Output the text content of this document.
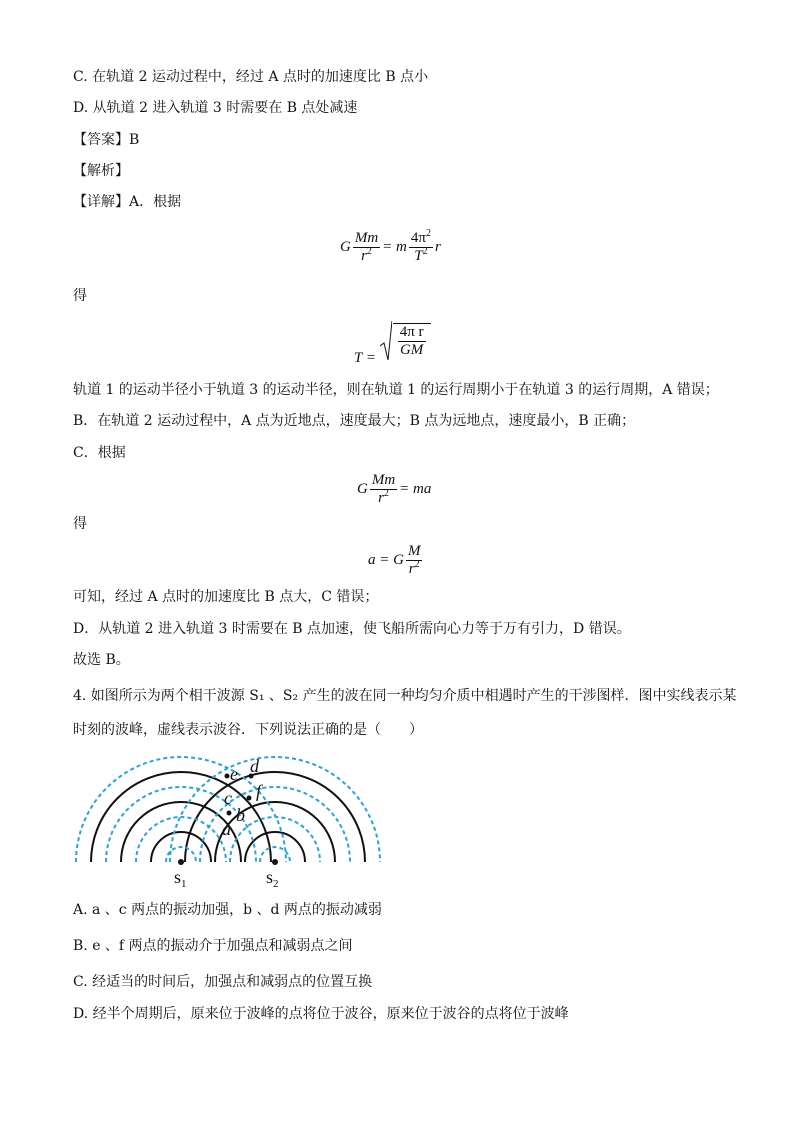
C. 在轨道 2 运动过程中，经过 A 点时的加速度比 B 点小
D. 从轨道 2 进入轨道 3 时需要在 B 点处减速
【答案】B
【解析】
【详解】A．根据
G $\frac{Mm}{r^2} = m \frac{4\pi^2}{T^2}$ r
得
$T = \frac{\text{4π r}}{GM}$
轨道 1 的运动半径小于轨道 3 的运动半径，则在轨道 1 的运行周期小于在轨道 3 的运行周期，A 错误；
B．在轨道 2 运动过程中，A 点为近地点，速度最大；B 点为远地点，速度最小，B 正确；
C．根据
G $\frac{Mm}{r^2}$ = ma
得
a = G $\frac{M}{r^2}$
可知，经过 A 点时的加速度比 B 点大，C 错误；
D．从轨道 2 进入轨道 3 时需要在 B 点加速，使飞船所需向心力等于万有引力，D 错误。
故选 B。
4. 如图所示为两个相干波源 S₁ 、S₂ 产生的波在同一种均匀介质中相遇时产生的干涉图样．图中实线表示某
时刻的波峰，虚线表示波谷．下列说法正确的是（　　）
e d
c f
b
a
$s_1$	$s_2$
A. a 、c 两点的振动加强，b 、d 两点的振动减弱
B. e 、f 两点的振动介于加强点和减弱点之间
C. 经适当的时间后，加强点和减弱点的位置互换
D. 经半个周期后，原来位于波峰的点将位于波谷，原来位于波谷的点将位于波峰
